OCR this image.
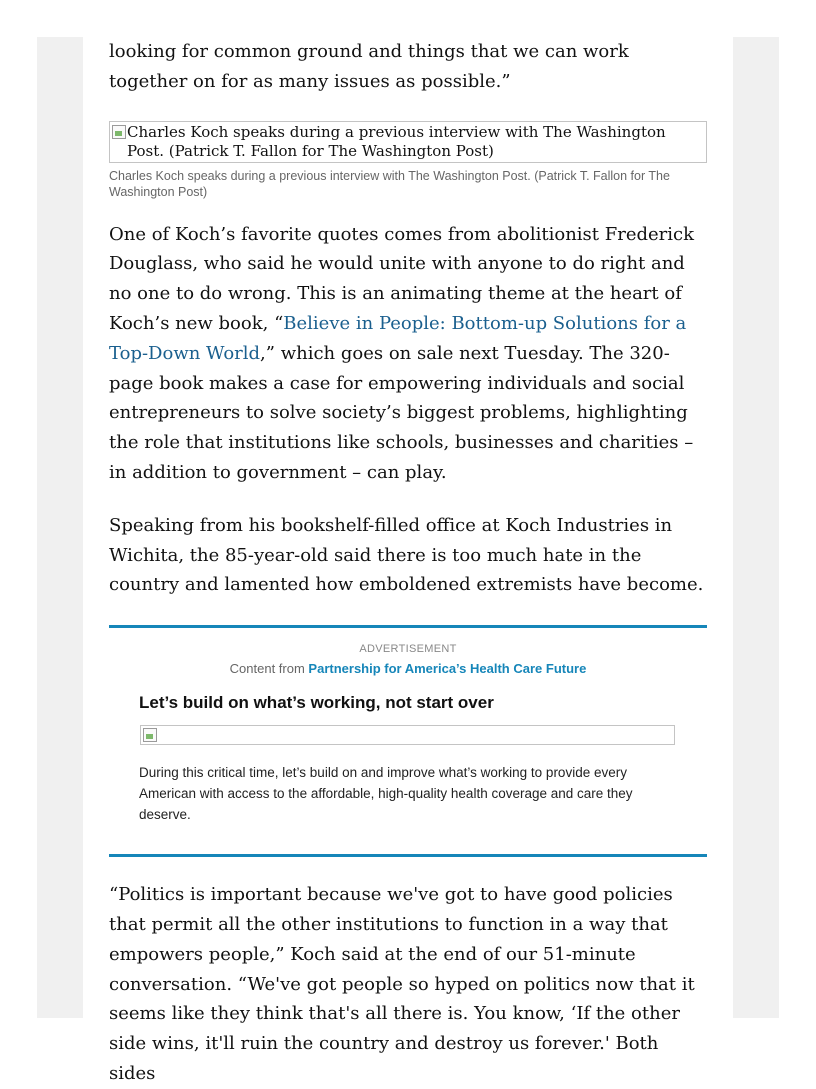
looking for common ground and things that we can work together on for as many issues as possible.”

Charles Koch speaks during a previous interview with The Washington Post. (Patrick T. Fallon for The Washington Post)
Charles Koch speaks during a previous interview with The Washington Post. (Patrick T. Fallon for The Washington Post)

One of Koch’s favorite quotes comes from abolitionist Frederick Douglass, who said he would unite with anyone to do right and no one to do wrong. This is an animating theme at the heart of Koch’s new book, “Believe in People: Bottom-up Solutions for a Top-Down World,” which goes on sale next Tuesday. The 320-page book makes a case for empowering individuals and social entrepreneurs to solve society’s biggest problems, highlighting the role that institutions like schools, businesses and charities – in addition to government – can play.

Speaking from his bookshelf-filled office at Koch Industries in Wichita, the 85-year-old said there is too much hate in the country and lamented how emboldened extremists have become.

ADVERTISEMENT
Content from Partnership for America’s Health Care Future
Let’s build on what’s working, not start over
During this critical time, let’s build on and improve what’s working to provide every American with access to the affordable, high-quality health coverage and care they deserve.

“Politics is important because we've got to have good policies that permit all the other institutions to function in a way that empowers people,” Koch said at the end of our 51-minute conversation. “We've got people so hyped on politics now that it seems like they think that's all there is. You know, ‘If the other side wins, it'll ruin the country and destroy us forever.' Both sides
